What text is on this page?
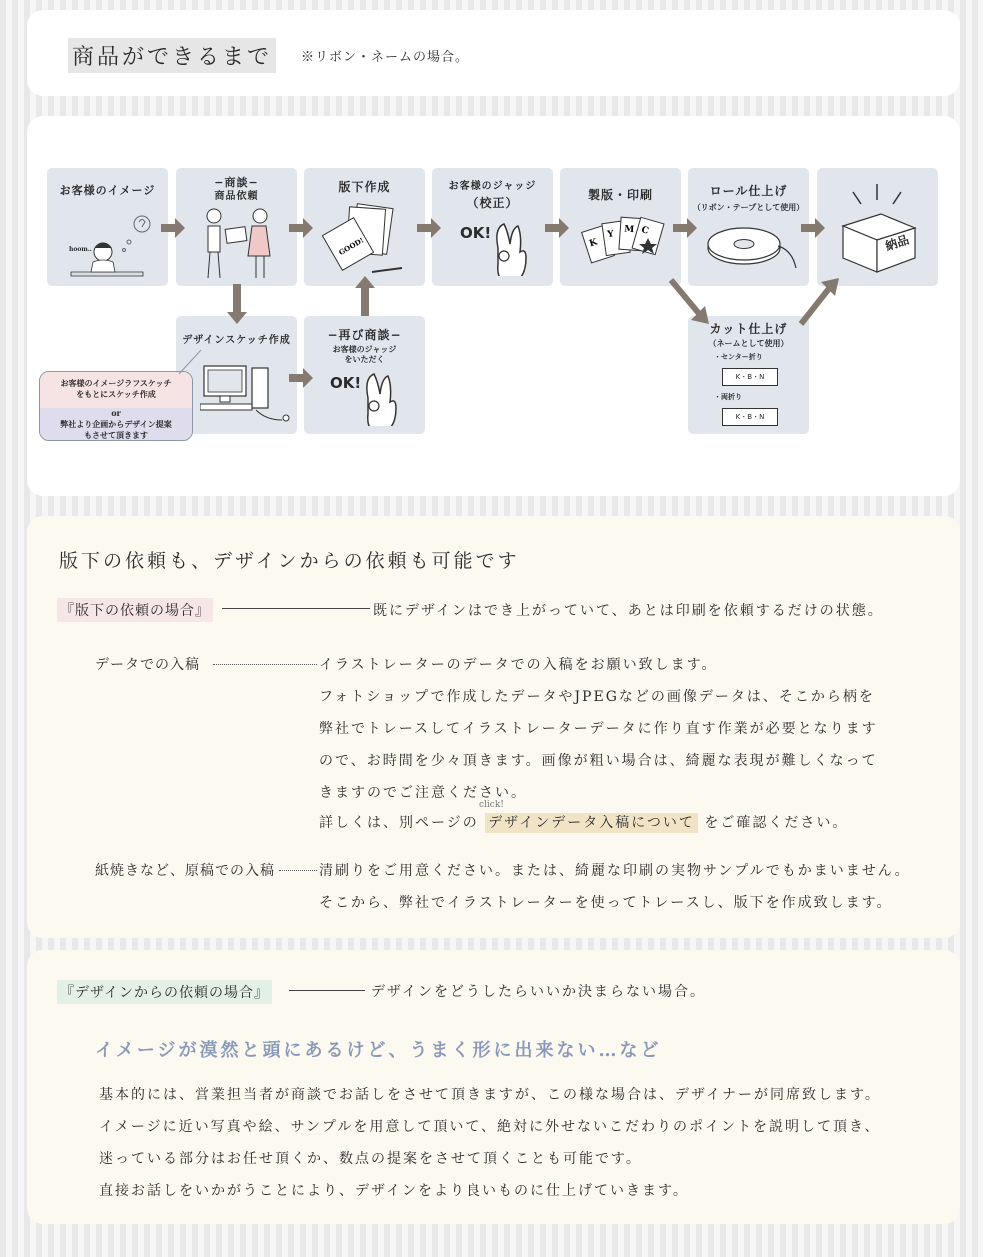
商品ができるまで	※リボン・ネームの場合。
お客様のイメージ
hoom..
−商談−
商品依頼
版下作成
GOOD!
お客様のジャッジ
（校正）
OK!
製版・印刷
K
Y M C
ロール仕上げ
（リボン・テープとして使用）
納品
デザインスケッチ作成	−再び商談−
お客様のジャッジ
をいただく
OK!
カット仕上げ
（ネームとして使用）
・センター折り
K・B・N
・両折り
K・B・N
お客様のイメージラフスケッチ
をもとにスケッチ作成
or
弊社より企画からデザイン提案
もさせて頂きます
版下の依頼も、デザインからの依頼も可能です
『版下の依頼の場合』	既にデザインはでき上がっていて、あとは印刷を依頼するだけの状態。
データでの入稿	イラストレーターのデータでの入稿をお願い致します。
フォトショップで作成したデータやJPEGなどの画像データは、そこから柄を
弊社でトレースしてイラストレーターデータに作り直す作業が必要となります
ので、お時間を少々頂きます。画像が粗い場合は、綺麗な表現が難しくなって
きますのでご注意ください。
click!
詳しくは、別ページの デザインデータ入稿について をご確認ください。
紙焼きなど、原稿での入稿	清刷りをご用意ください。または、綺麗な印刷の実物サンプルでもかまいません。
そこから、弊社でイラストレーターを使ってトレースし、版下を作成致します。
『デザインからの依頼の場合』	デザインをどうしたらいいか決まらない場合。
イメージが漠然と頭にあるけど、うまく形に出来ない…など
基本的には、営業担当者が商談でお話しをさせて頂きますが、この様な場合は、デザイナーが同席致します。
イメージに近い写真や絵、サンプルを用意して頂いて、絶対に外せないこだわりのポイントを説明して頂き、
迷っている部分はお任せ頂くか、数点の提案をさせて頂くことも可能です。
直接お話しをいかがうことにより、デザインをより良いものに仕上げていきます。
